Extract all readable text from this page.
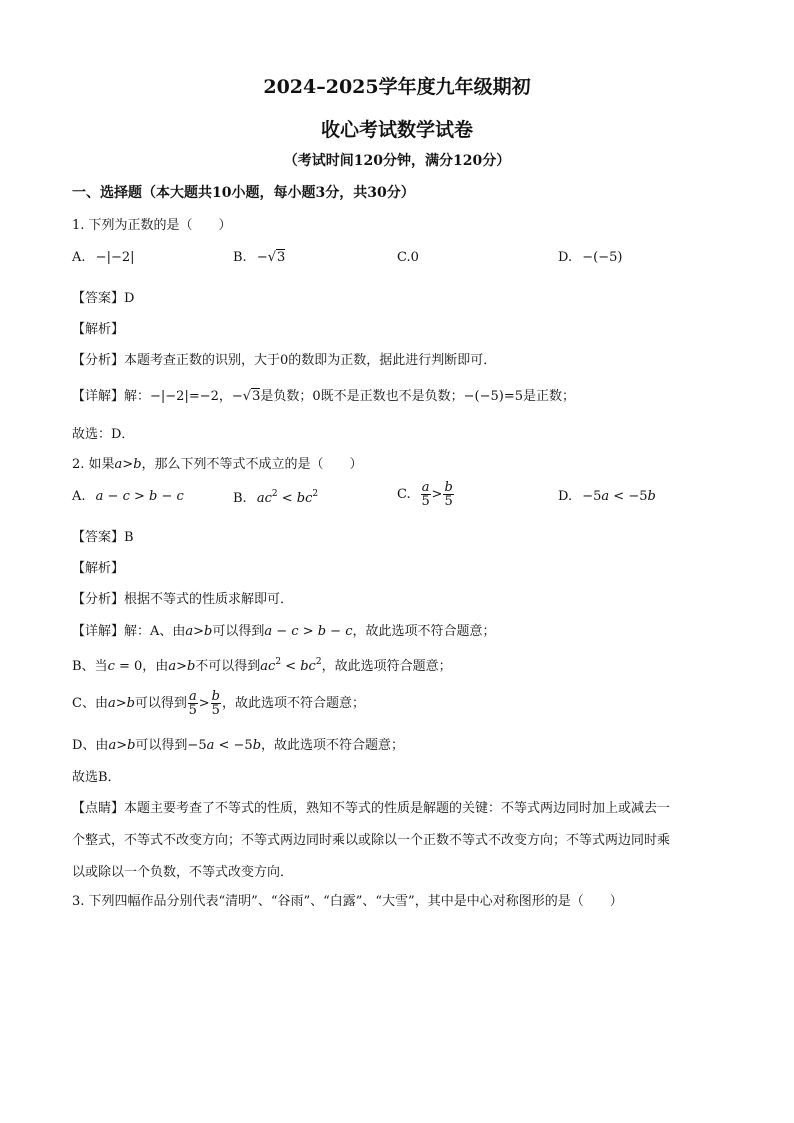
2024–2025学年度九年级期初
收心考试数学试卷
（考试时间120分钟，满分120分）
一、选择题（本大题共10小题，每小题3分，共30分）
1. 下列为正数的是（　　）
A. −|−2|	B. −√3	C.0	D. −(−5)
【答案】D
【解析】
【分析】本题考查正数的识别，大于0的数即为正数，据此进行判断即可．
【详解】解：−|−2|=−2，−√3是负数；0既不是正数也不是负数；−(−5)=5是正数；
故选：D．
2. 如果a>b，那么下列不等式不成立的是（　　）
A. a − c > b − c	B. $ac^2 < bc^2$	C. $\frac{a}{5} > \frac{b}{5}$	D. −5a < −5b
【答案】B
【解析】
【分析】根据不等式的性质求解即可．
【详解】解：A、由a>b可以得到a − c > b − c，故此选项不符合题意；
B、当c = 0，由a>b不可以得到$ac^2 < bc^2$，故此选项符合题意；
C、由a>b可以得到 $\frac{a}{5} > \frac{b}{5}$ ，故此选项不符合题意；
D、由a>b可以得到−5a < −5b，故此选项不符合题意；
故选B．
【点睛】本题主要考查了不等式的性质，熟知不等式的性质是解题的关键：不等式两边同时加上或减去一
个整式，不等式不改变方向；不等式两边同时乘以或除以一个正数不等式不改变方向；不等式两边同时乘
以或除以一个负数，不等式改变方向．
3. 下列四幅作品分别代表“清明”、“谷雨”、“白露”、“大雪”，其中是中心对称图形的是（　　）
